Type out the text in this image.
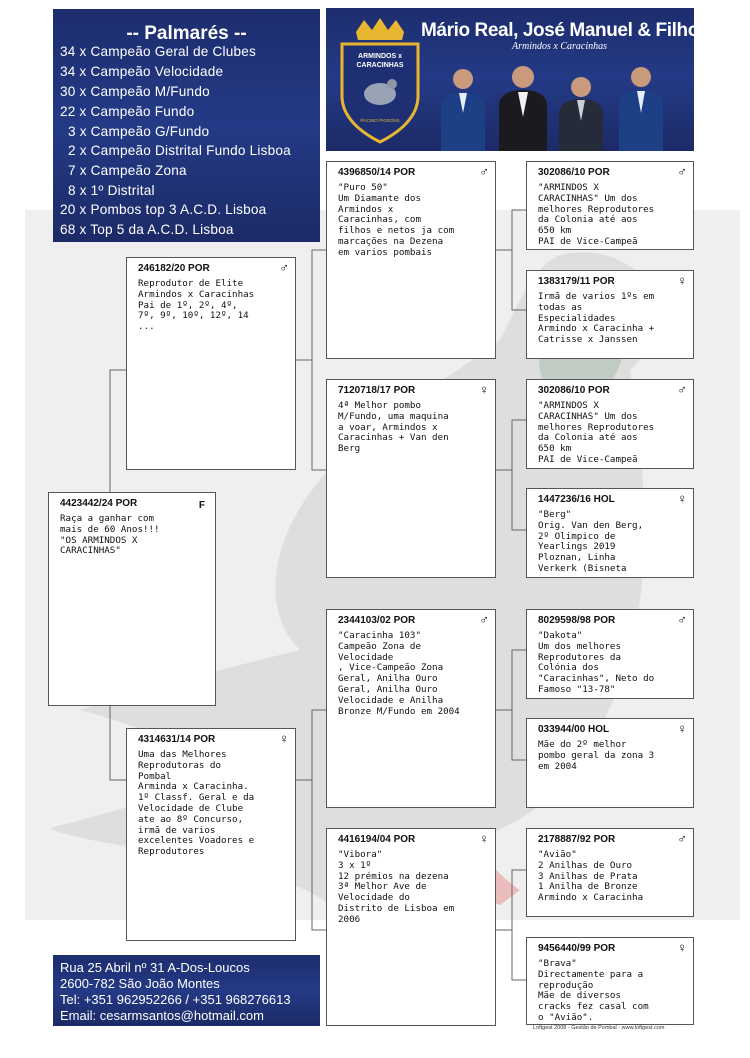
-- Palmarés --
34 x Campeão Geral de Clubes
34 x Campeão Velocidade
30 x Campeão M/Fundo
22 x Campeão Fundo
3 x Campeão G/Fundo
2 x Campeão Distrital Fundo Lisboa
7 x Campeão Zona
8 x 1º Distrital
20 x Pombos top 3 A.C.D. Lisboa
68 x Top 5 da A.C.D. Lisboa
ARMINDOS x
CARACINHAS
RACING PIGEONS
Mário Real, José Manuel & Filhos
Armindos x Caracinhas
Rua 25 Abril nº 31 A-Dos-Loucos
2600-782 São João Montes
Tel: +351 962952266 / +351 968276613
Email: cesarmsantos@hotmail.com
4423442/24 POR	F
Raça a ganhar com
mais de 60 Anos!!!
"OS ARMINDOS X
CARACINHAS"
246182/20 POR	♂
Reprodutor de Elite
Armindos x Caracinhas
Pai de 1º, 2º, 4º,
7º, 9º, 10º, 12º, 14
...
4314631/14 POR	♀
Uma das Melhores
Reprodutoras do
Pombal
Arminda x Caracinha.
1º Classf. Geral e da
Velocidade de Clube
ate ao 8º Concurso,
irmã de varios
excelentes Voadores e
Reprodutores
4396850/14 POR	♂
"Puro 50"
Um Diamante dos
Armindos x
Caracinhas, com
filhos e netos ja com
marcações na Dezena
em varios pombais
7120718/17 POR	♀
4ª Melhor pombo
M/Fundo, uma maquina
a voar, Armindos x
Caracinhas + Van den
Berg
2344103/02 POR	♂
"Caracinha 103"
Campeão Zona de
Velocidade
, Vice-Campeão Zona
Geral, Anilha Ouro
Geral, Anilha Ouro
Velocidade e Anilha
Bronze M/Fundo em 2004
4416194/04 POR	♀
"Vibora"
3 x 1º
12 prémios na dezena
3ª Melhor Ave de
Velocidade do
Distrito de Lisboa em
2006
302086/10 POR	♂
"ARMINDOS X
CARACINHAS" Um dos
melhores Reprodutores
da Colonia até aos
650 km
PAI de Vice-Campeã
1383179/11 POR	♀
Irmã de varios 1ºs em
todas as
Especialidades
Armindo x Caracinha +
Catrisse x Janssen
302086/10 POR	♂
"ARMINDOS X
CARACINHAS" Um dos
melhores Reprodutores
da Colonia até aos
650 km
PAI de Vice-Campeã
1447236/16 HOL	♀
"Berg"
Orig. Van den Berg,
2º Olimpico de
Yearlings 2019
Ploznan, Linha
Verkerk (Bisneta
8029598/98 POR	♂
"Dakota"
Um dos melhores
Reprodutores da
Colónia dos
"Caracinhas", Neto do
Famoso "13-78"
033944/00 HOL	♀
Mãe do 2º melhor
pombo geral da zona 3
em 2004
2178887/92 POR	♂
"Avião"
2 Anilhas de Ouro
3 Anilhas de Prata
1 Anilha de Bronze
Armindo x Caracinha
9456440/99 POR	♀
"Brava"
Directamente para a
reprodução
Mãe de diversos
cracks fez casal com
o "Avião".
Loftgest 2008 - Gestão de Pombal - www.loftgest.com
